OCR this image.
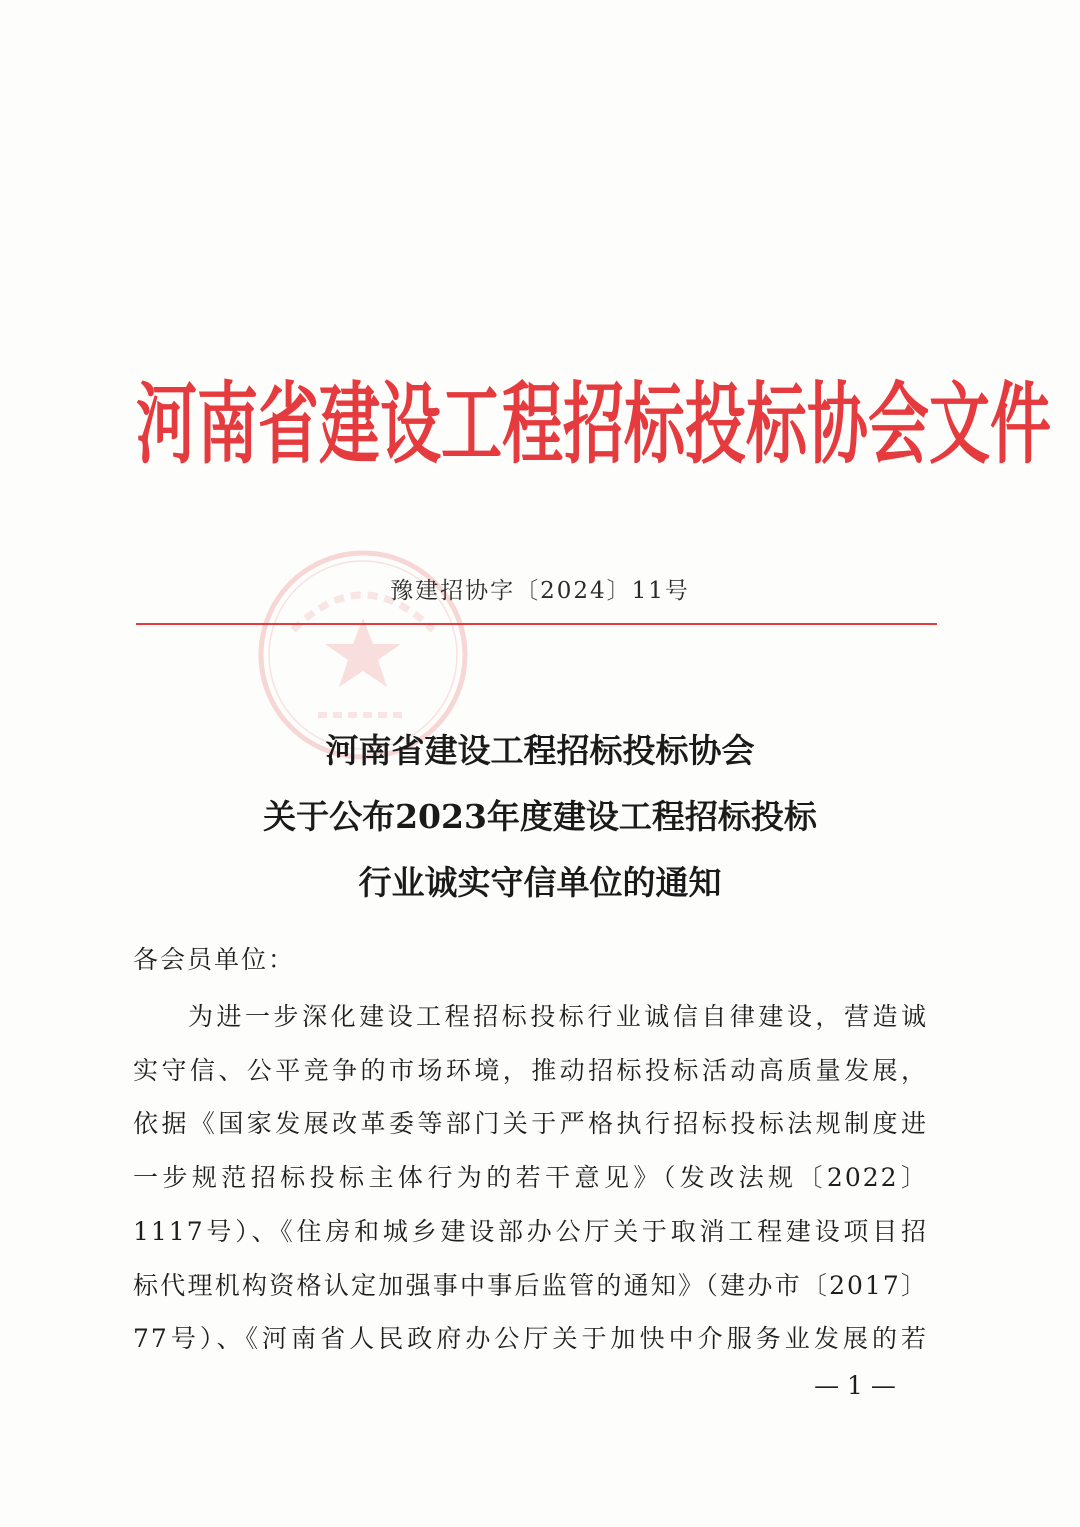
河南省建设工程招标投标协会文件
豫建招协字〔2024〕11号
河南省建设工程招标投标协会
关于公布2023年度建设工程招标投标
行业诚实守信单位的通知

各会员单位：

为进一步深化建设工程招标投标行业诚信自律建设，营造诚
实守信、公平竞争的市场环境，推动招标投标活动高质量发展，
依据《国家发展改革委等部门关于严格执行招标投标法规制度进
一步规范招标投标主体行为的若干意见》（发改法规〔2022〕
1117号）、《住房和城乡建设部办公厅关于取消工程建设项目招
标代理机构资格认定加强事中事后监管的通知》（建办市〔2017〕
77号）、《河南省人民政府办公厅关于加快中介服务业发展的若
— 1 —
